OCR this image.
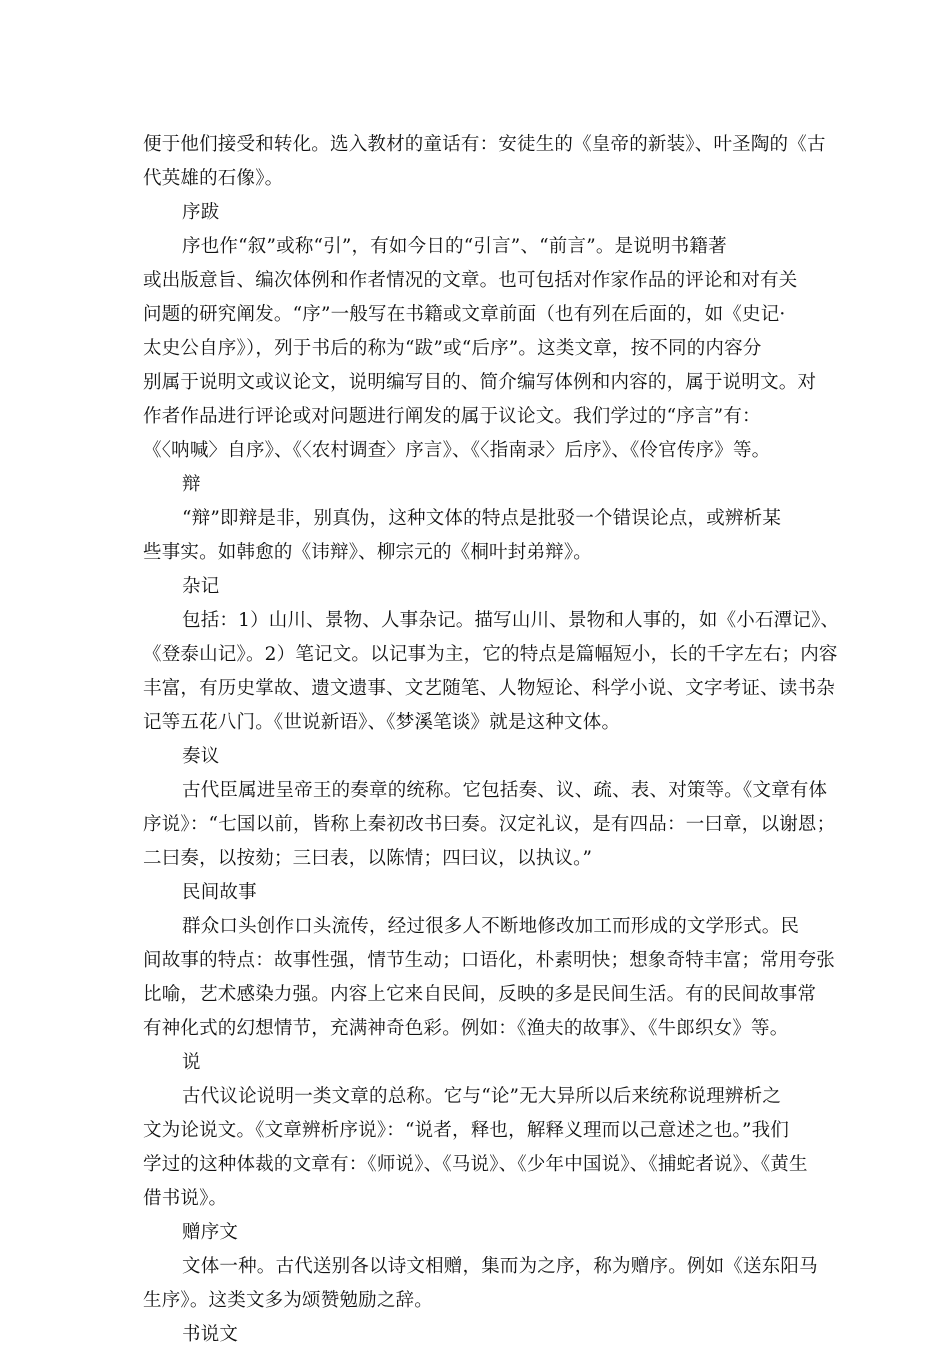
便于他们接受和转化。选入教材的童话有：安徒生的《皇帝的新装》、叶圣陶的《古
代英雄的石像》。
序跋
序也作“叙”或称“引”，有如今日的“引言”、“前言”。是说明书籍著
或出版意旨、编次体例和作者情况的文章。也可包括对作家作品的评论和对有关
问题的研究阐发。“序”一般写在书籍或文章前面（也有列在后面的，如《史记·
太史公自序》），列于书后的称为“跋”或“后序”。这类文章，按不同的内容分
别属于说明文或议论文，说明编写目的、简介编写体例和内容的，属于说明文。对
作者作品进行评论或对问题进行阐发的属于议论文。我们学过的“序言”有：
《〈呐喊〉自序》、《〈农村调查〉序言》、《〈指南录〉后序》、《伶官传序》等。
辩
“辩”即辩是非，别真伪，这种文体的特点是批驳一个错误论点，或辨析某
些事实。如韩愈的《讳辩》、柳宗元的《桐叶封弟辩》。
杂记
包括：1）山川、景物、人事杂记。描写山川、景物和人事的，如《小石潭记》、
《登泰山记》。2）笔记文。以记事为主，它的特点是篇幅短小，长的千字左右；内容
丰富，有历史掌故、遗文遗事、文艺随笔、人物短论、科学小说、文字考证、读书杂
记等五花八门。《世说新语》、《梦溪笔谈》就是这种文体。
奏议
古代臣属进呈帝王的奏章的统称。它包括奏、议、疏、表、对策等。《文章有体
序说》：“七国以前，皆称上秦初改书曰奏。汉定礼议，是有四品：一曰章，以谢恩；
二曰奏，以按劾；三曰表，以陈情；四曰议，以执议。”
民间故事
群众口头创作口头流传，经过很多人不断地修改加工而形成的文学形式。民
间故事的特点：故事性强，情节生动；口语化，朴素明快；想象奇特丰富；常用夸张
比喻，艺术感染力强。内容上它来自民间，反映的多是民间生活。有的民间故事常
有神化式的幻想情节，充满神奇色彩。例如：《渔夫的故事》、《牛郎织女》等。
说
古代议论说明一类文章的总称。它与“论”无大异所以后来统称说理辨析之
文为论说文。《文章辨析序说》：“说者，释也，解释义理而以己意述之也。”我们
学过的这种体裁的文章有：《师说》、《马说》、《少年中国说》、《捕蛇者说》、《黄生
借书说》。
赠序文
文体一种。古代送别各以诗文相赠，集而为之序，称为赠序。例如《送东阳马
生序》。这类文多为颂赞勉励之辞。
书说文
